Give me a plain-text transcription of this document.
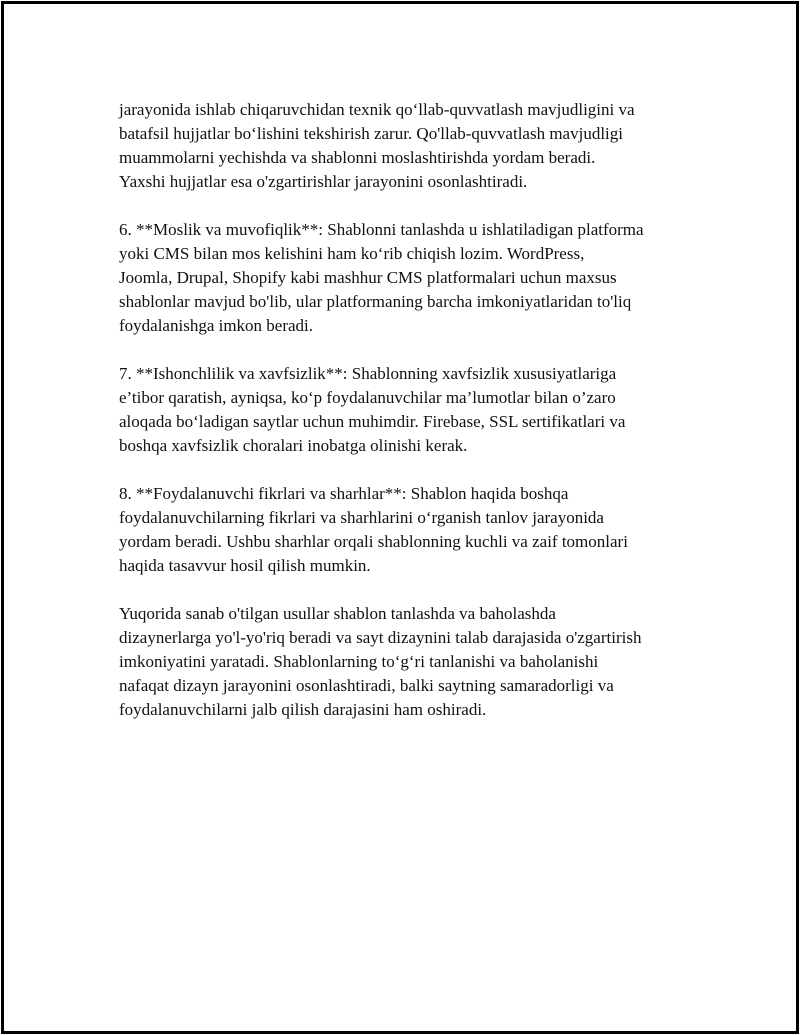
jarayonida ishlab chiqaruvchidan texnik qo‘llab-quvvatlash mavjudligini va
batafsil hujjatlar bo‘lishini tekshirish zarur. Qo'llab-quvvatlash mavjudligi
muammolarni yechishda va shablonni moslashtirishda yordam beradi.
Yaxshi hujjatlar esa o'zgartirishlar jarayonini osonlashtiradi.

6. **Moslik va muvofiqlik**: Shablonni tanlashda u ishlatiladigan platforma
yoki CMS bilan mos kelishini ham ko‘rib chiqish lozim. WordPress,
Joomla, Drupal, Shopify kabi mashhur CMS platformalari uchun maxsus
shablonlar mavjud bo'lib, ular platformaning barcha imkoniyatlaridan to'liq
foydalanishga imkon beradi.

7. **Ishonchlilik va xavfsizlik**: Shablonning xavfsizlik xususiyatlariga
e’tibor qaratish, ayniqsa, ko‘p foydalanuvchilar ma’lumotlar bilan o’zaro
aloqada bo‘ladigan saytlar uchun muhimdir. Firebase, SSL sertifikatlari va
boshqa xavfsizlik choralari inobatga olinishi kerak.

8. **Foydalanuvchi fikrlari va sharhlar**: Shablon haqida boshqa
foydalanuvchilarning fikrlari va sharhlarini o‘rganish tanlov jarayonida
yordam beradi. Ushbu sharhlar orqali shablonning kuchli va zaif tomonlari
haqida tasavvur hosil qilish mumkin.

Yuqorida sanab o'tilgan usullar shablon tanlashda va baholashda
dizaynerlarga yo'l-yo'riq beradi va sayt dizaynini talab darajasida o'zgartirish
imkoniyatini yaratadi. Shablonlarning to‘g‘ri tanlanishi va baholanishi
nafaqat dizayn jarayonini osonlashtiradi, balki saytning samaradorligi va
foydalanuvchilarni jalb qilish darajasini ham oshiradi.
